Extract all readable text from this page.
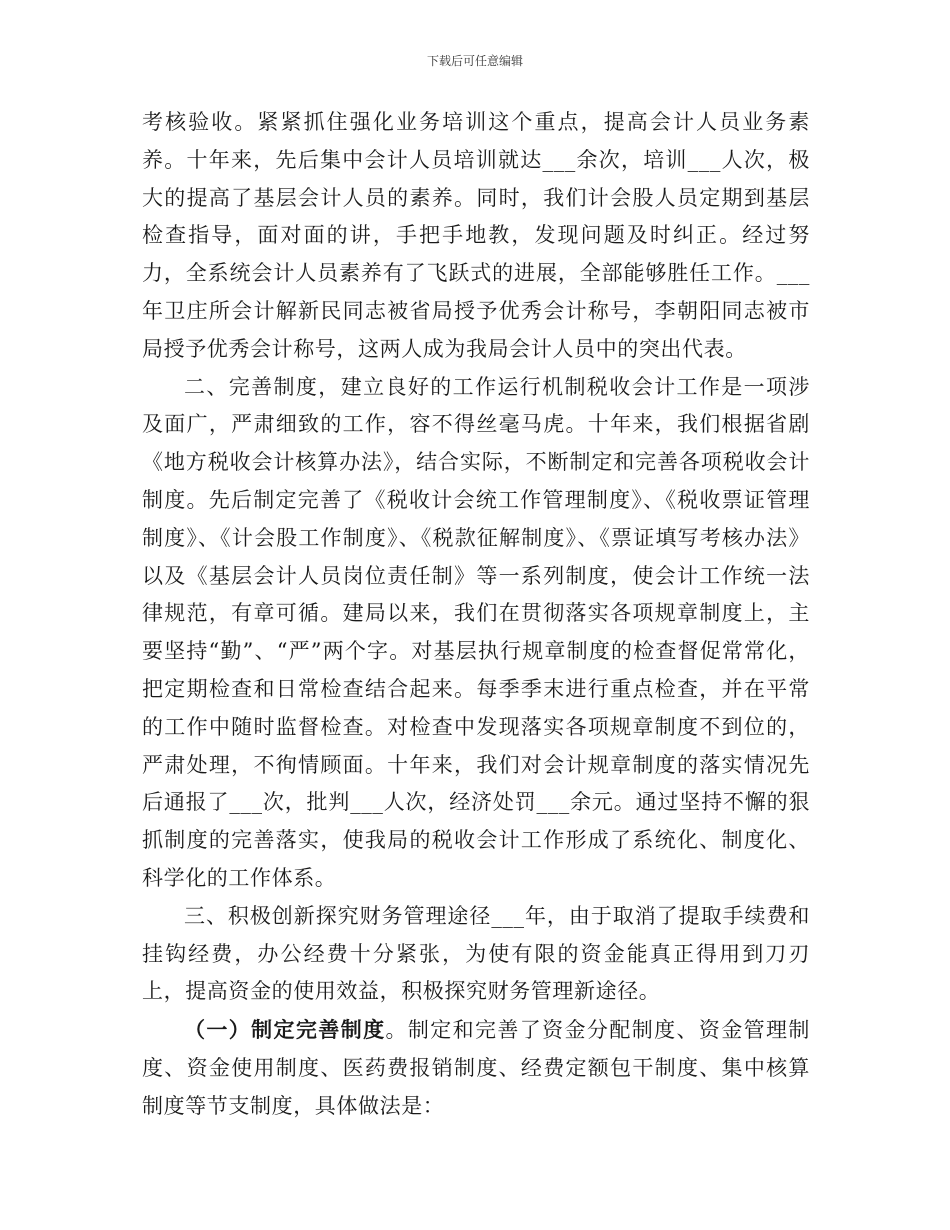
下载后可任意编辑

考核验收。紧紧抓住强化业务培训这个重点，提高会计人员业务素养。十年来，先后集中会计人员培训就达___余次，培训___人次，极大的提高了基层会计人员的素养。同时，我们计会股人员定期到基层检查指导，面对面的讲，手把手地教，发现问题及时纠正。经过努力，全系统会计人员素养有了飞跃式的进展，全部能够胜任工作。___年卫庄所会计解新民同志被省局授予优秀会计称号，李朝阳同志被市局授予优秀会计称号，这两人成为我局会计人员中的突出代表。

二、完善制度，建立良好的工作运行机制税收会计工作是一项涉及面广，严肃细致的工作，容不得丝毫马虎。十年来，我们根据省剧《地方税收会计核算办法》，结合实际，不断制定和完善各项税收会计制度。先后制定完善了《税收计会统工作管理制度》、《税收票证管理制度》、《计会股工作制度》、《税款征解制度》、《票证填写考核办法》以及《基层会计人员岗位责任制》等一系列制度，使会计工作统一法律规范，有章可循。建局以来，我们在贯彻落实各项规章制度上，主要坚持“勤”、“严”两个字。对基层执行规章制度的检查督促常常化，把定期检查和日常检查结合起来。每季季末进行重点检查，并在平常的工作中随时监督检查。对检查中发现落实各项规章制度不到位的，严肃处理，不徇情顾面。十年来，我们对会计规章制度的落实情况先后通报了___次，批判___人次，经济处罚___余元。通过坚持不懈的狠抓制度的完善落实，使我局的税收会计工作形成了系统化、制度化、科学化的工作体系。

三、积极创新探究财务管理途径___年，由于取消了提取手续费和挂钩经费，办公经费十分紧张，为使有限的资金能真正得用到刀刃上，提高资金的使用效益，积极探究财务管理新途径。

（一）制定完善制度。制定和完善了资金分配制度、资金管理制度、资金使用制度、医药费报销制度、经费定额包干制度、集中核算制度等节支制度，具体做法是：
